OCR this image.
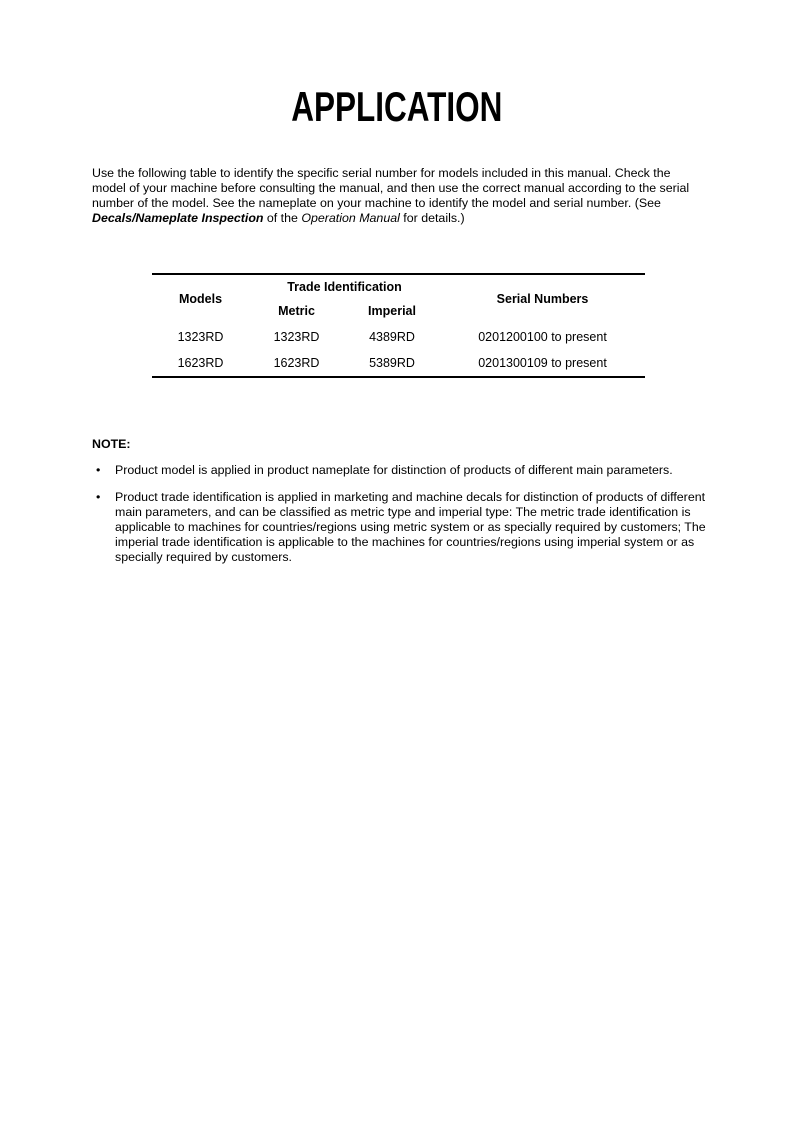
APPLICATION

Use the following table to identify the specific serial number for models included in this manual. Check the model of your machine before consulting the manual, and then use the correct manual according to the serial number of the model. See the nameplate on your machine to identify the model and serial number. (See Decals/Nameplate Inspection of the Operation Manual for details.)

Models	Trade Identification		Serial Numbers
	Metric	Imperial	
1323RD	1323RD	4389RD	0201200100 to present
1623RD	1623RD	5389RD	0201300109 to present
NOTE:
•	Product model is applied in product nameplate for distinction of products of different main parameters.
•	Product trade identification is applied in marketing and machine decals for distinction of products of different main parameters, and can be classified as metric type and imperial type: The metric trade identification is applicable to machines for countries/regions using metric system or as specially required by customers; The imperial trade identification is applicable to the machines for countries/regions using imperial system or as specially required by customers.
